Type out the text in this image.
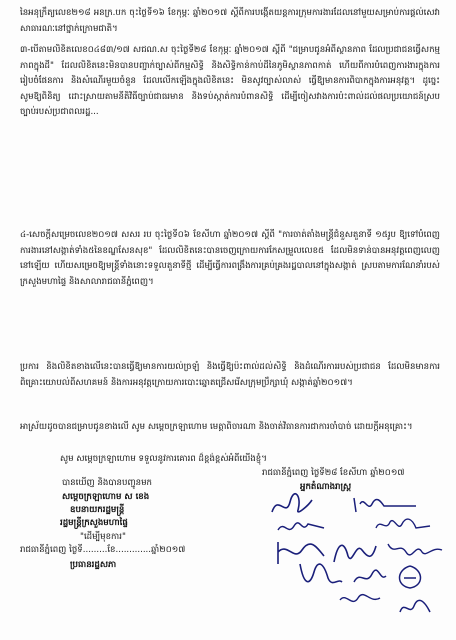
នៃអនុក្រឹត្យលេខ២១៨ អនក្រ.បក ចុះថ្ងៃទី១៦ ខែកុម្ភៈ ឆ្នាំ២០១៧ ស្ដីពីការបង្កើតយន្តការក្រុមការងារដែលនៅមួយសម្រាប់ការផ្ដល់សេវាសាធារណៈនៅថ្នាក់ក្រោមជាតិ។
៣-បើតាមលិខិតលេខ០៤៨៣/១៧ សជណ.ស ចុះថ្ងៃទី២៨ ខែកុម្ភៈ ឆ្នាំ២០១៧ ស្ដីពី "ជម្រាបជូនអំពីស្ថានភាព ដែលប្រជាជនធ្វើសកម្មភាពក្នុងដី" ដែលលិខិតនេះមិនបានបញ្ជាក់ច្បាស់ពីកម្មសិទ្ធិ និងសិទ្ធិកាន់កាប់ដីនៃភូមិស្ថានភាពកាត់ ហើយពីការបំពេញការងារក្នុងការរៀបចំផែនការ និងសំណើរមួយចំនួន ដែលលើកឡើងក្នុងលិខិតនេះ មិនសូវច្បាស់លាស់ ធ្វើឱ្យមានការពិបាកក្នុងការអនុវត្ត។ ដូច្នេះ សូមឱ្យពិនិត្យ ដោះស្រាយតាមនីតិវិធីច្បាប់ជាធរមាន និងទប់ស្កាត់ការបំពានសិទ្ធិ ដើម្បីចៀសវាងការប៉ះពាល់ដល់ផលប្រយោជន៍ស្របច្បាប់របស់ប្រជាពលរដ្ឋ...
៤-សេចក្ដីសម្រេចលេខ២០១៧ សសរ រប ចុះថ្ងៃទី០៦ ខែសីហា ឆ្នាំ២០១៧ ស្ដីពី "ការចាត់តាំងមន្ត្រីជំនួសតួនាទី ១៥រូប ឱ្យទៅបំពេញការងារនៅសង្កាត់ទាំង៥នៃខណ្ឌសែនសុខ" ដែលលិខិតនេះបានចេញក្រោយការកែសម្រួលលេខ៥ ដែលមិនទាន់បានអនុវត្តពេញលេញនៅឡើយ ហើយសម្រេចឱ្យមន្ត្រីទាំងនោះទទួលតួនាទីថ្មី ដើម្បីធ្វើការពង្រឹងការគ្រប់គ្រងរដ្ឋបាលនៅក្នុងសង្កាត់ ស្របតាមការណែនាំរបស់ក្រសួងមហាផ្ទៃ និងសាលារាជធានីភ្នំពេញ។
ប្រការ និងលិខិតខាងលើនេះបានធ្វើឱ្យមានការយល់ច្រឡំ និងធ្វើឱ្យប៉ះពាល់ដល់សិទ្ធិ និងដំណើរការរបស់ប្រជាជន ដែលមិនមានការពិគ្រោះយោបល់ពីសហគមន៍ និងការអនុវត្តក្រោយការបោះឆ្នោតជ្រើសរើសក្រុមប្រឹក្សាឃុំ សង្កាត់ឆ្នាំ២០១៧។
អាស្រ័យដូចបានជម្រាបជូនខាងលើ សូម សម្ដេចក្រឡាហោម មេត្តាពិចារណា និងចាត់វិធានការជាការចាំបាច់ ដោយក្ដីអនុគ្រោះ។
សូម សម្ដេចក្រឡាហោម ទទួលនូវការគោរព ដ៏ខ្ពង់ខ្ពស់អំពីយើងខ្ញុំ។
បានឃើញ និងបានបញ្ជូនមក
សម្ដេចក្រឡាហោម ស ខេង
ឧបនាយករដ្ឋមន្ត្រី
រដ្ឋមន្ត្រីក្រសួងមហាផ្ទៃ
"ដើម្បីមុខការ"
រាជធានីភ្នំពេញ ថ្ងៃទី.........ខែ.............ឆ្នាំ២០១៧
ប្រធានរដ្ឋសភា
រាជធានីភ្នំពេញ ថ្ងៃទី២៨ ខែសីហា ឆ្នាំ២០១៧
អ្នកតំណាងរាស្ត្រ
